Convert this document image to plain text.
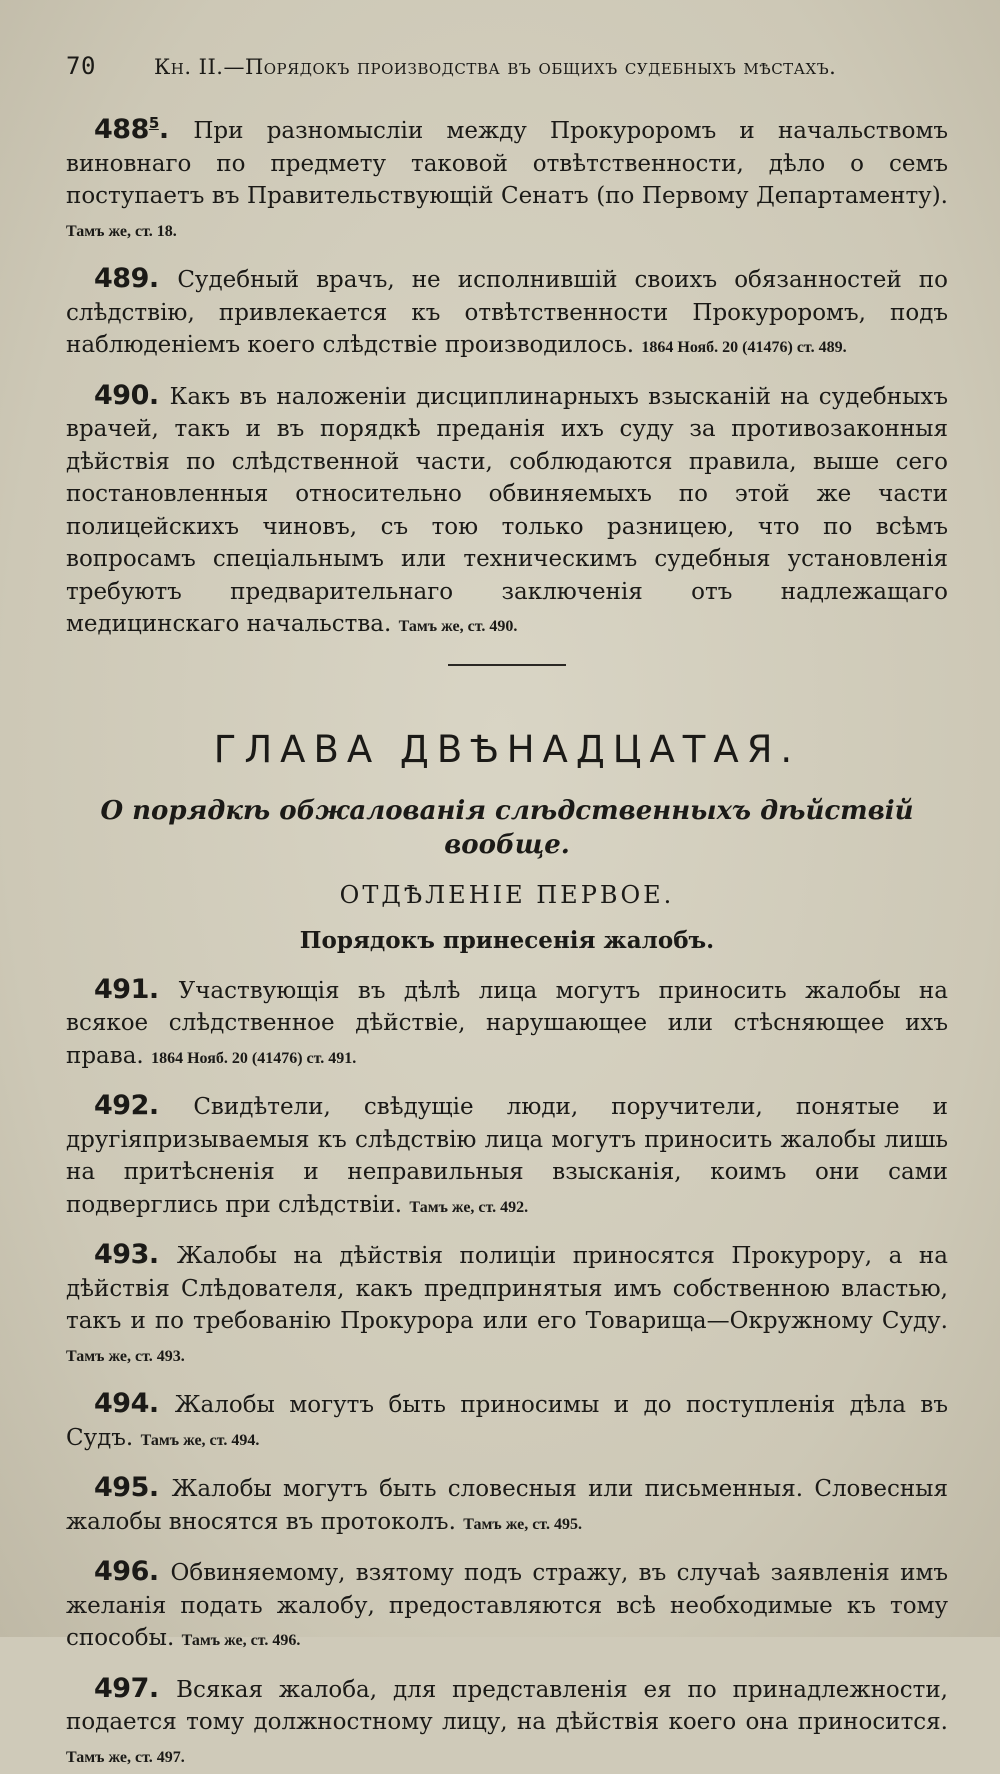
70	Кн. II.—Порядокъ производства въ общихъ судебныхъ мѣстахъ.

$488^5$. При разномысліи между Прокуроромъ и начальствомъ виновнаго по предмету таковой отвѣтственности, дѣло о семъ поступаетъ въ Правительствующій Сенатъ (по Первому Департаменту). Тамъ же, ст. 18.

489. Судебный врачъ, не исполнившій своихъ обязанностей по слѣдствію, привлекается къ отвѣтственности Прокуроромъ, подъ наблюденіемъ коего слѣдствіе производилось. 1864 Нояб. 20 (41476) ст. 489.

490. Какъ въ наложеніи дисциплинарныхъ взысканій на судебныхъ врачей, такъ и въ порядкѣ преданія ихъ суду за противозаконныя дѣйствія по слѣдственной части, соблюдаются правила, выше сего постановленныя относительно обвиняемыхъ по этой же части полицейскихъ чиновъ, съ тою только разницею, что по всѣмъ вопросамъ спеціальнымъ или техническимъ судебныя установленія требуютъ предварительнаго заключенія отъ надлежащаго медицинскаго начальства. Тамъ же, ст. 490.

ГЛАВА ДВѢНАДЦАТАЯ.
О порядкѣ обжалованія слѣдственныхъ дѣйствій вообще.
ОТДѢЛЕНІЕ ПЕРВОЕ.
Порядокъ принесенія жалобъ.

491. Участвующія въ дѣлѣ лица могутъ приносить жалобы на всякое слѣдственное дѣйствіе, нарушающее или стѣсняющее ихъ права. 1864 Нояб. 20 (41476) ст. 491.

492. Свидѣтели, свѣдущіе люди, поручители, понятые и другіяпризываемыя къ слѣдствію лица могутъ приносить жалобы лишь на притѣсненія и неправильныя взысканія, коимъ они сами подверглись при слѣдствіи. Тамъ же, ст. 492.

493. Жалобы на дѣйствія полиціи приносятся Прокурору, а на дѣйствія Слѣдователя, какъ предпринятыя имъ собственною властью, такъ и по требованію Прокурора или его Товарища—Окружному Суду. Тамъ же, ст. 493.

494. Жалобы могутъ быть приносимы и до поступленія дѣла въ Судъ. Тамъ же, ст. 494.

495. Жалобы могутъ быть словесныя или письменныя. Словесныя жалобы вносятся въ протоколъ. Тамъ же, ст. 495.

496. Обвиняемому, взятому подъ стражу, въ случаѣ заявленія имъ желанія подать жалобу, предоставляются всѣ необходимые къ тому способы. Тамъ же, ст. 496.

497. Всякая жалоба, для представленія ея по принадлежности, подается тому должностному лицу, на дѣйствія коего она приносится. Тамъ же, ст. 497.
